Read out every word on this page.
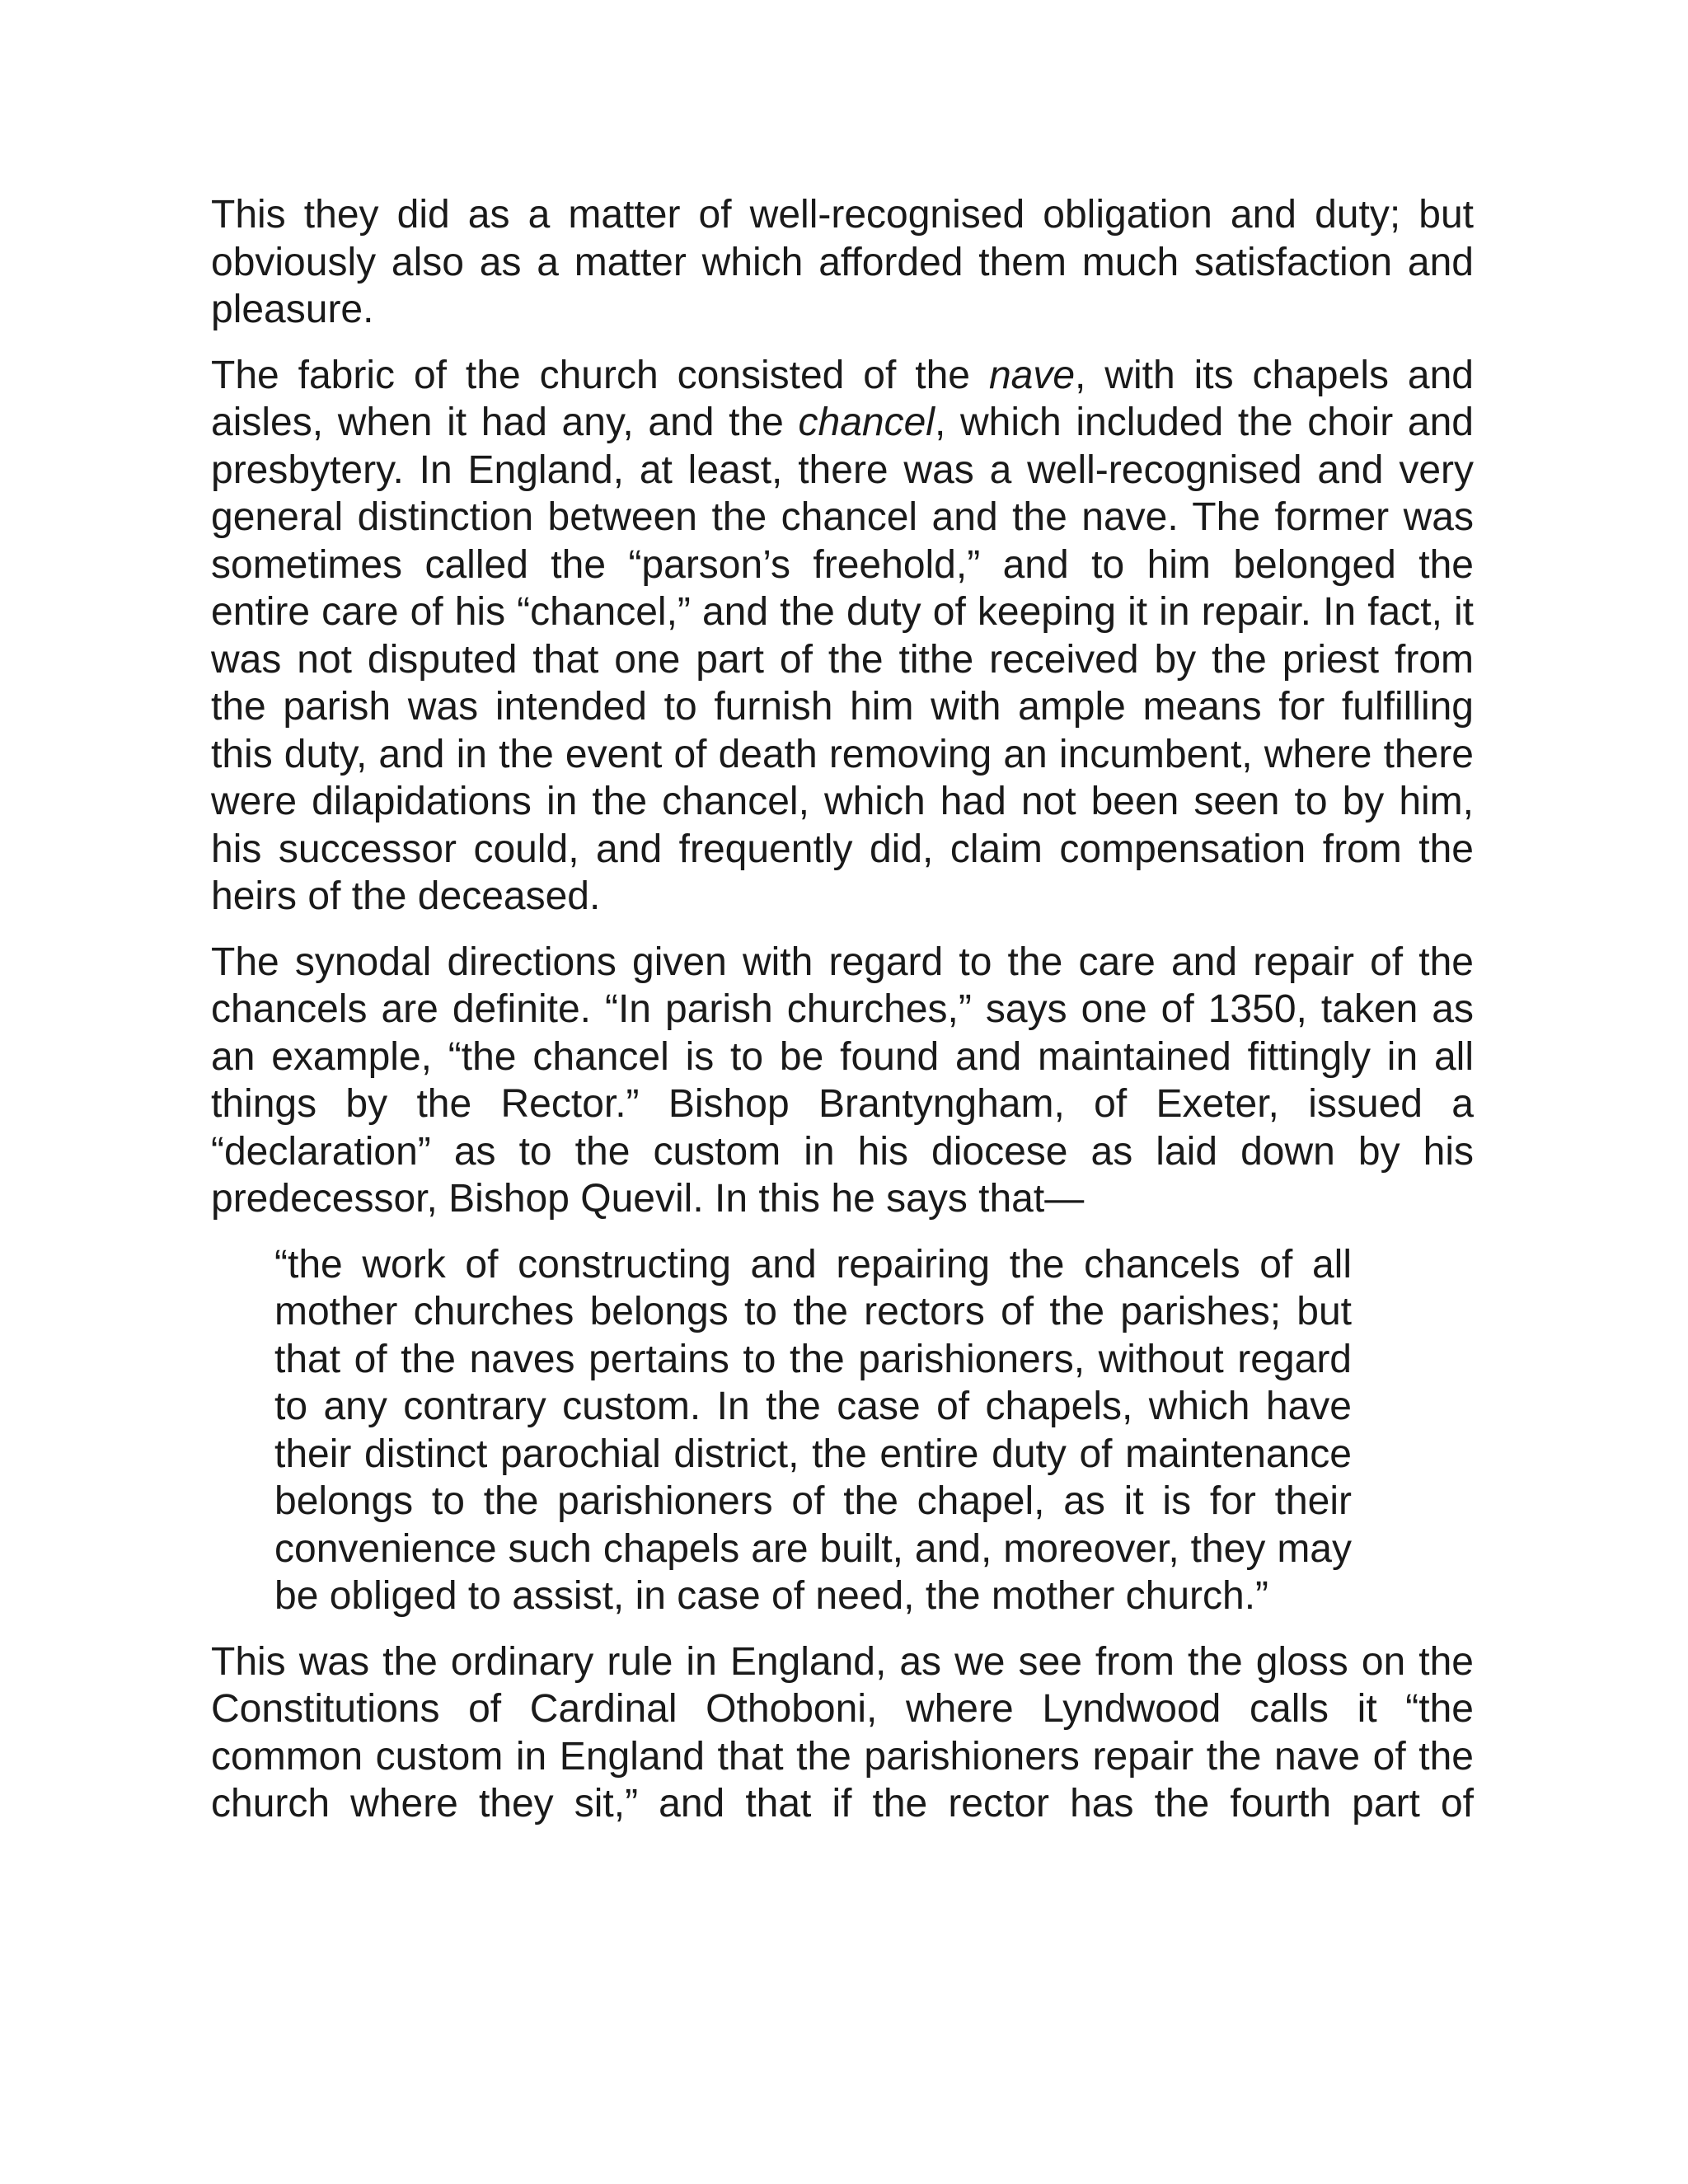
This they did as a matter of well-recognised obligation and duty; but obviously also as a matter which afforded them much satisfaction and pleasure.

The fabric of the church consisted of the nave, with its chapels and aisles, when it had any, and the chancel, which included the choir and presbytery. In England, at least, there was a well-recognised and very general distinction between the chancel and the nave. The former was sometimes called the “parson’s freehold,” and to him belonged the entire care of his “chancel,” and the duty of keeping it in repair. In fact, it was not disputed that one part of the tithe received by the priest from the parish was intended to furnish him with ample means for fulfilling this duty, and in the event of death removing an incumbent, where there were dilapidations in the chancel, which had not been seen to by him, his successor could, and frequently did, claim compensation from the heirs of the deceased.

The synodal directions given with regard to the care and repair of the chancels are definite. “In parish churches,” says one of 1350, taken as an example, “the chancel is to be found and maintained fittingly in all things by the Rector.” Bishop Brantyngham, of Exeter, issued a “declaration” as to the custom in his diocese as laid down by his predecessor, Bishop Quevil. In this he says that—

“the work of constructing and repairing the chancels of all mother churches belongs to the rectors of the parishes; but that of the naves pertains to the parishioners, without regard to any contrary custom. In the case of chapels, which have their distinct parochial district, the entire duty of maintenance belongs to the parishioners of the chapel, as it is for their convenience such chapels are built, and, moreover, they may be obliged to assist, in case of need, the mother church.”

This was the ordinary rule in England, as we see from the gloss on the Constitutions of Cardinal Othoboni, where Lyndwood calls it “the common custom in England that the parishioners repair the nave of the church where they sit,” and that if the rector has the fourth part of
